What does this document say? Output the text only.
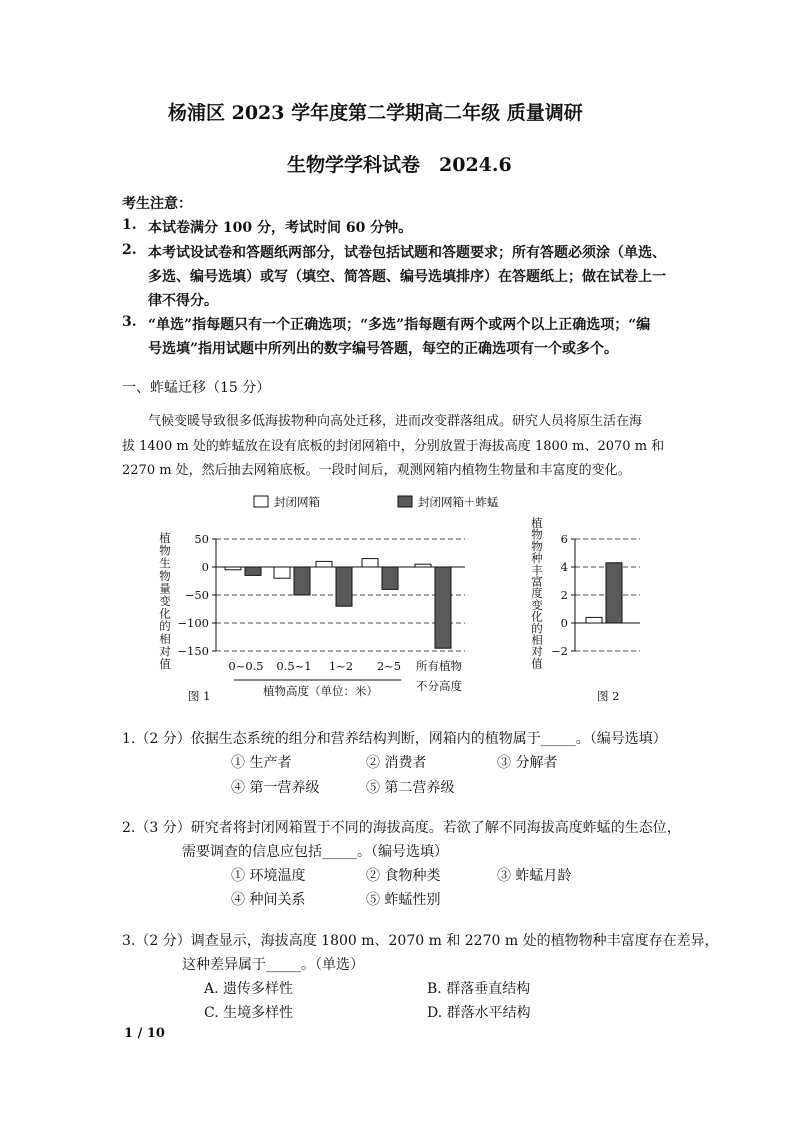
杨浦区 2023 学年度第二学期高二年级 质量调研
生物学学科试卷　2024.6
考生注意：
1. 本试卷满分 100 分，考试时间 60 分钟。
2. 本考试设试卷和答题纸两部分，试卷包括试题和答题要求；所有答题必须涂（单选、
多选、编号选填）或写（填空、简答题、编号选填排序）在答题纸上；做在试卷上一
律不得分。
3. “单选”指每题只有一个正确选项；“多选”指每题有两个或两个以上正确选项；“编
号选填”指用试题中所列出的数字编号答题，每空的正确选项有一个或多个。
一、蚱蜢迁移（15 分）
气候变暖导致很多低海拔物种向高处迁移，进而改变群落组成。研究人员将原生活在海
拔 1400 m 处的蚱蜢放在设有底板的封闭网箱中，分别放置于海拔高度 1800 m、2070 m 和
2270 m 处，然后抽去网箱底板。一段时间后，观测网箱内植物生物量和丰富度的变化。
封闭网箱	封闭网箱＋蚱蜢
植
物
生
物
量
变
化
的
相
对
值
50
0
−50
−100
−150
0~0.5 0.5~1 1~2 2~5
植物高度（单位：米）
所有植物
不分高度
图 1
植
物
物
种
丰
富
度
变
化
的
相
对
值
6
4
2
0
−2
图 2
1.（2 分）依据生态系统的组分和营养结构判断，网箱内的植物属于_____。（编号选填）
① 生产者	② 消费者	③ 分解者
④ 第一营养级	⑤ 第二营养级
2.（3 分）研究者将封闭网箱置于不同的海拔高度。若欲了解不同海拔高度蚱蜢的生态位，
需要调查的信息应包括_____。（编号选填）
① 环境温度	② 食物种类	③ 蚱蜢月龄
④ 种间关系	⑤ 蚱蜢性别
3.（2 分）调查显示，海拔高度 1800 m、2070 m 和 2270 m 处的植物物种丰富度存在差异，
这种差异属于_____。（单选）
A. 遗传多样性	B. 群落垂直结构
C. 生境多样性	D. 群落水平结构
1 / 10
